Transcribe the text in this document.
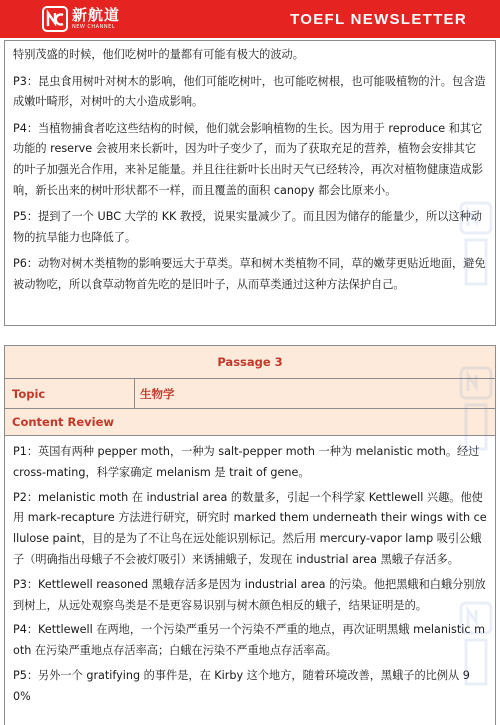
新航道
NEW CHANNEL	TOEFL NEWSLETTER

特别茂盛的时候，他们吃树叶的量都有可能有极大的波动。

P3：昆虫食用树叶对树木的影响，他们可能吃树叶，也可能吃树根，也可能吸植物的汁。包含造成嫩叶畸形，对树叶的大小造成影响。

P4：当植物捕食者吃这些结构的时候，他们就会影响植物的生长。因为用于 reproduce 和其它功能的 reserve 会被用来长新叶，因为叶子变少了，而为了获取充足的营养，植物会安排其它的叶子加强光合作用，来补足能量。并且往往新叶长出时天气已经转冷，再次对植物健康造成影响，新长出来的树叶形状都不一样，而且覆盖的面积 canopy 都会比原来小。

P5：提到了一个 UBC 大学的 KK 教授，说果实量减少了。而且因为储存的能量少，所以这种动物的抗旱能力也降低了。

P6：动物对树木类植物的影响要远大于草类。草和树木类植物不同，草的嫩芽更贴近地面，避免被动物吃，所以食草动物首先吃的是旧叶子，从而草类通过这种方法保护自己。

Passage 3
Topic	生物学
Content Review

P1：英国有两种 pepper moth，一种为 salt-pepper moth 一种为 melanistic moth。经过 cross-mating，科学家确定 melanism 是 trait of gene。

P2：melanistic moth 在 industrial area 的数量多，引起一个科学家 Kettlewell 兴趣。他使用 mark-recapture 方法进行研究，研究时 marked them underneath their wings with cellulose paint，目的是为了不让鸟在远处能识别标记。然后用 mercury-vapor lamp 吸引公蛾子（明确指出母蛾子不会被灯吸引）来诱捕蛾子，发现在 industrial area 黑蛾子存活多。

P3：Kettlewell reasoned 黑蛾存活多是因为 industrial area 的污染。他把黑蛾和白蛾分别放到树上，从远处观察鸟类是不是更容易识别与树木颜色相反的蛾子，结果证明是的。

P4：Kettlewell 在两地，一个污染严重另一个污染不严重的地点，再次证明黑蛾 melanistic moth 在污染严重地点存活率高；白蛾在污染不严重地点存活率高。

P5：另外一个 gratifying 的事件是，在 Kirby 这个地方，随着环境改善，黑蛾子的比例从 90%
